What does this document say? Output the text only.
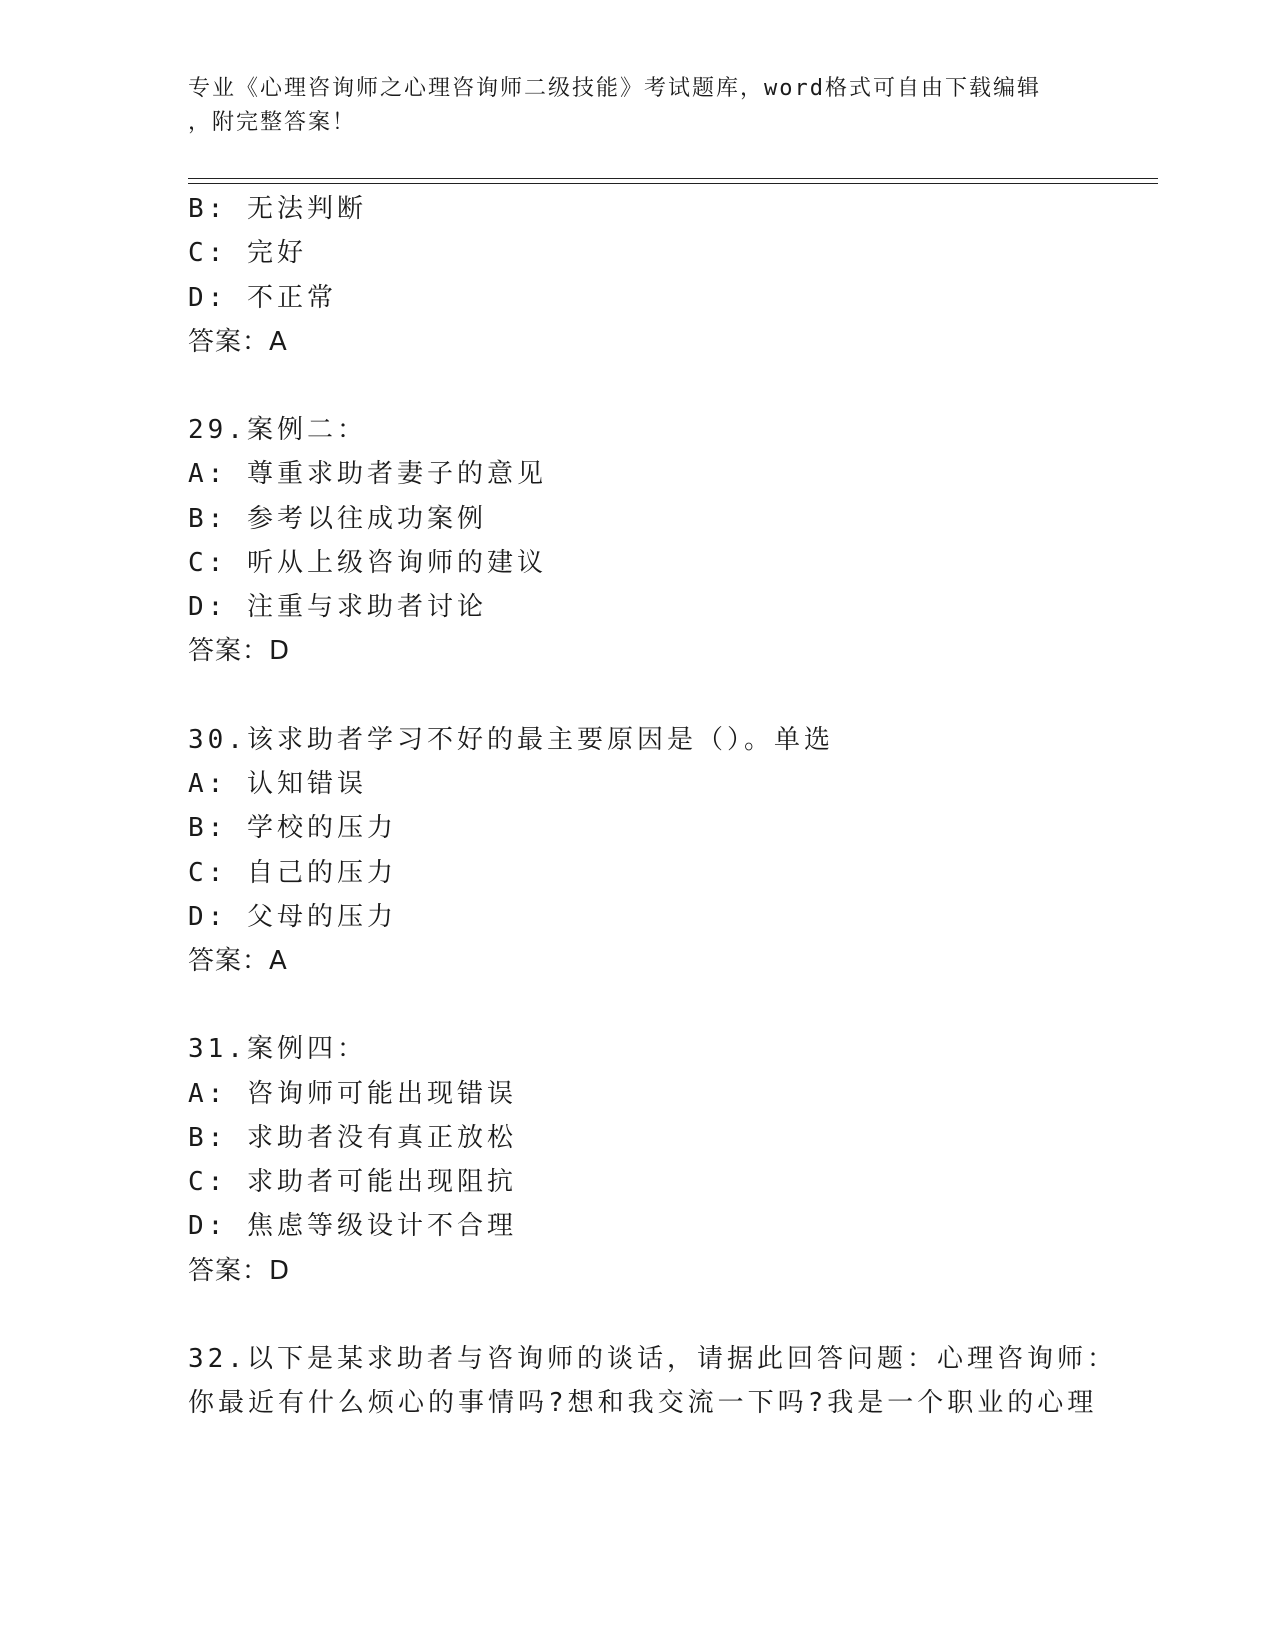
专业《心理咨询师之心理咨询师二级技能》考试题库，word格式可自由下载编辑
，附完整答案！
B: 无法判断
C: 完好
D: 不正常
答案：A
29.案例二：
A: 尊重求助者妻子的意见
B: 参考以往成功案例
C: 听从上级咨询师的建议
D: 注重与求助者讨论
答案：D
30.该求助者学习不好的最主要原因是（）。单选
A: 认知错误
B: 学校的压力
C: 自己的压力
D: 父母的压力
答案：A
31.案例四：
A: 咨询师可能出现错误
B: 求助者没有真正放松
C: 求助者可能出现阻抗
D: 焦虑等级设计不合理
答案：D
32.以下是某求助者与咨询师的谈话，请据此回答问题：心理咨询师：
你最近有什么烦心的事情吗?想和我交流一下吗?我是一个职业的心理
